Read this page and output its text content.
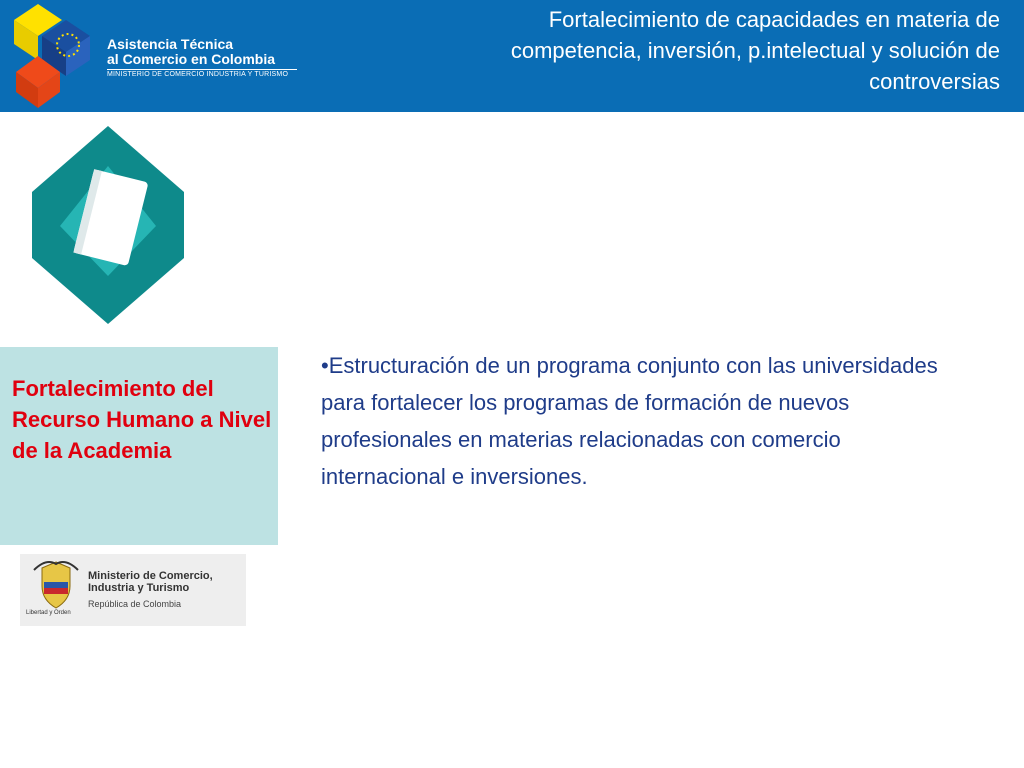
Asistencia Técnica
al Comercio en Colombia
MINISTERIO DE COMERCIO INDUSTRIA Y TURISMO
Fortalecimiento de capacidades en materia de competencia, inversión, p.intelectual y solución de controversias
Fortalecimiento del Recurso Humano a Nivel de la Academia
Libertad y Orden
Ministerio de Comercio,
Industria y Turismo
República de Colombia
•Estructuración de un programa conjunto con las universidades para fortalecer los programas de formación de nuevos profesionales en materias relacionadas con comercio internacional e inversiones.
